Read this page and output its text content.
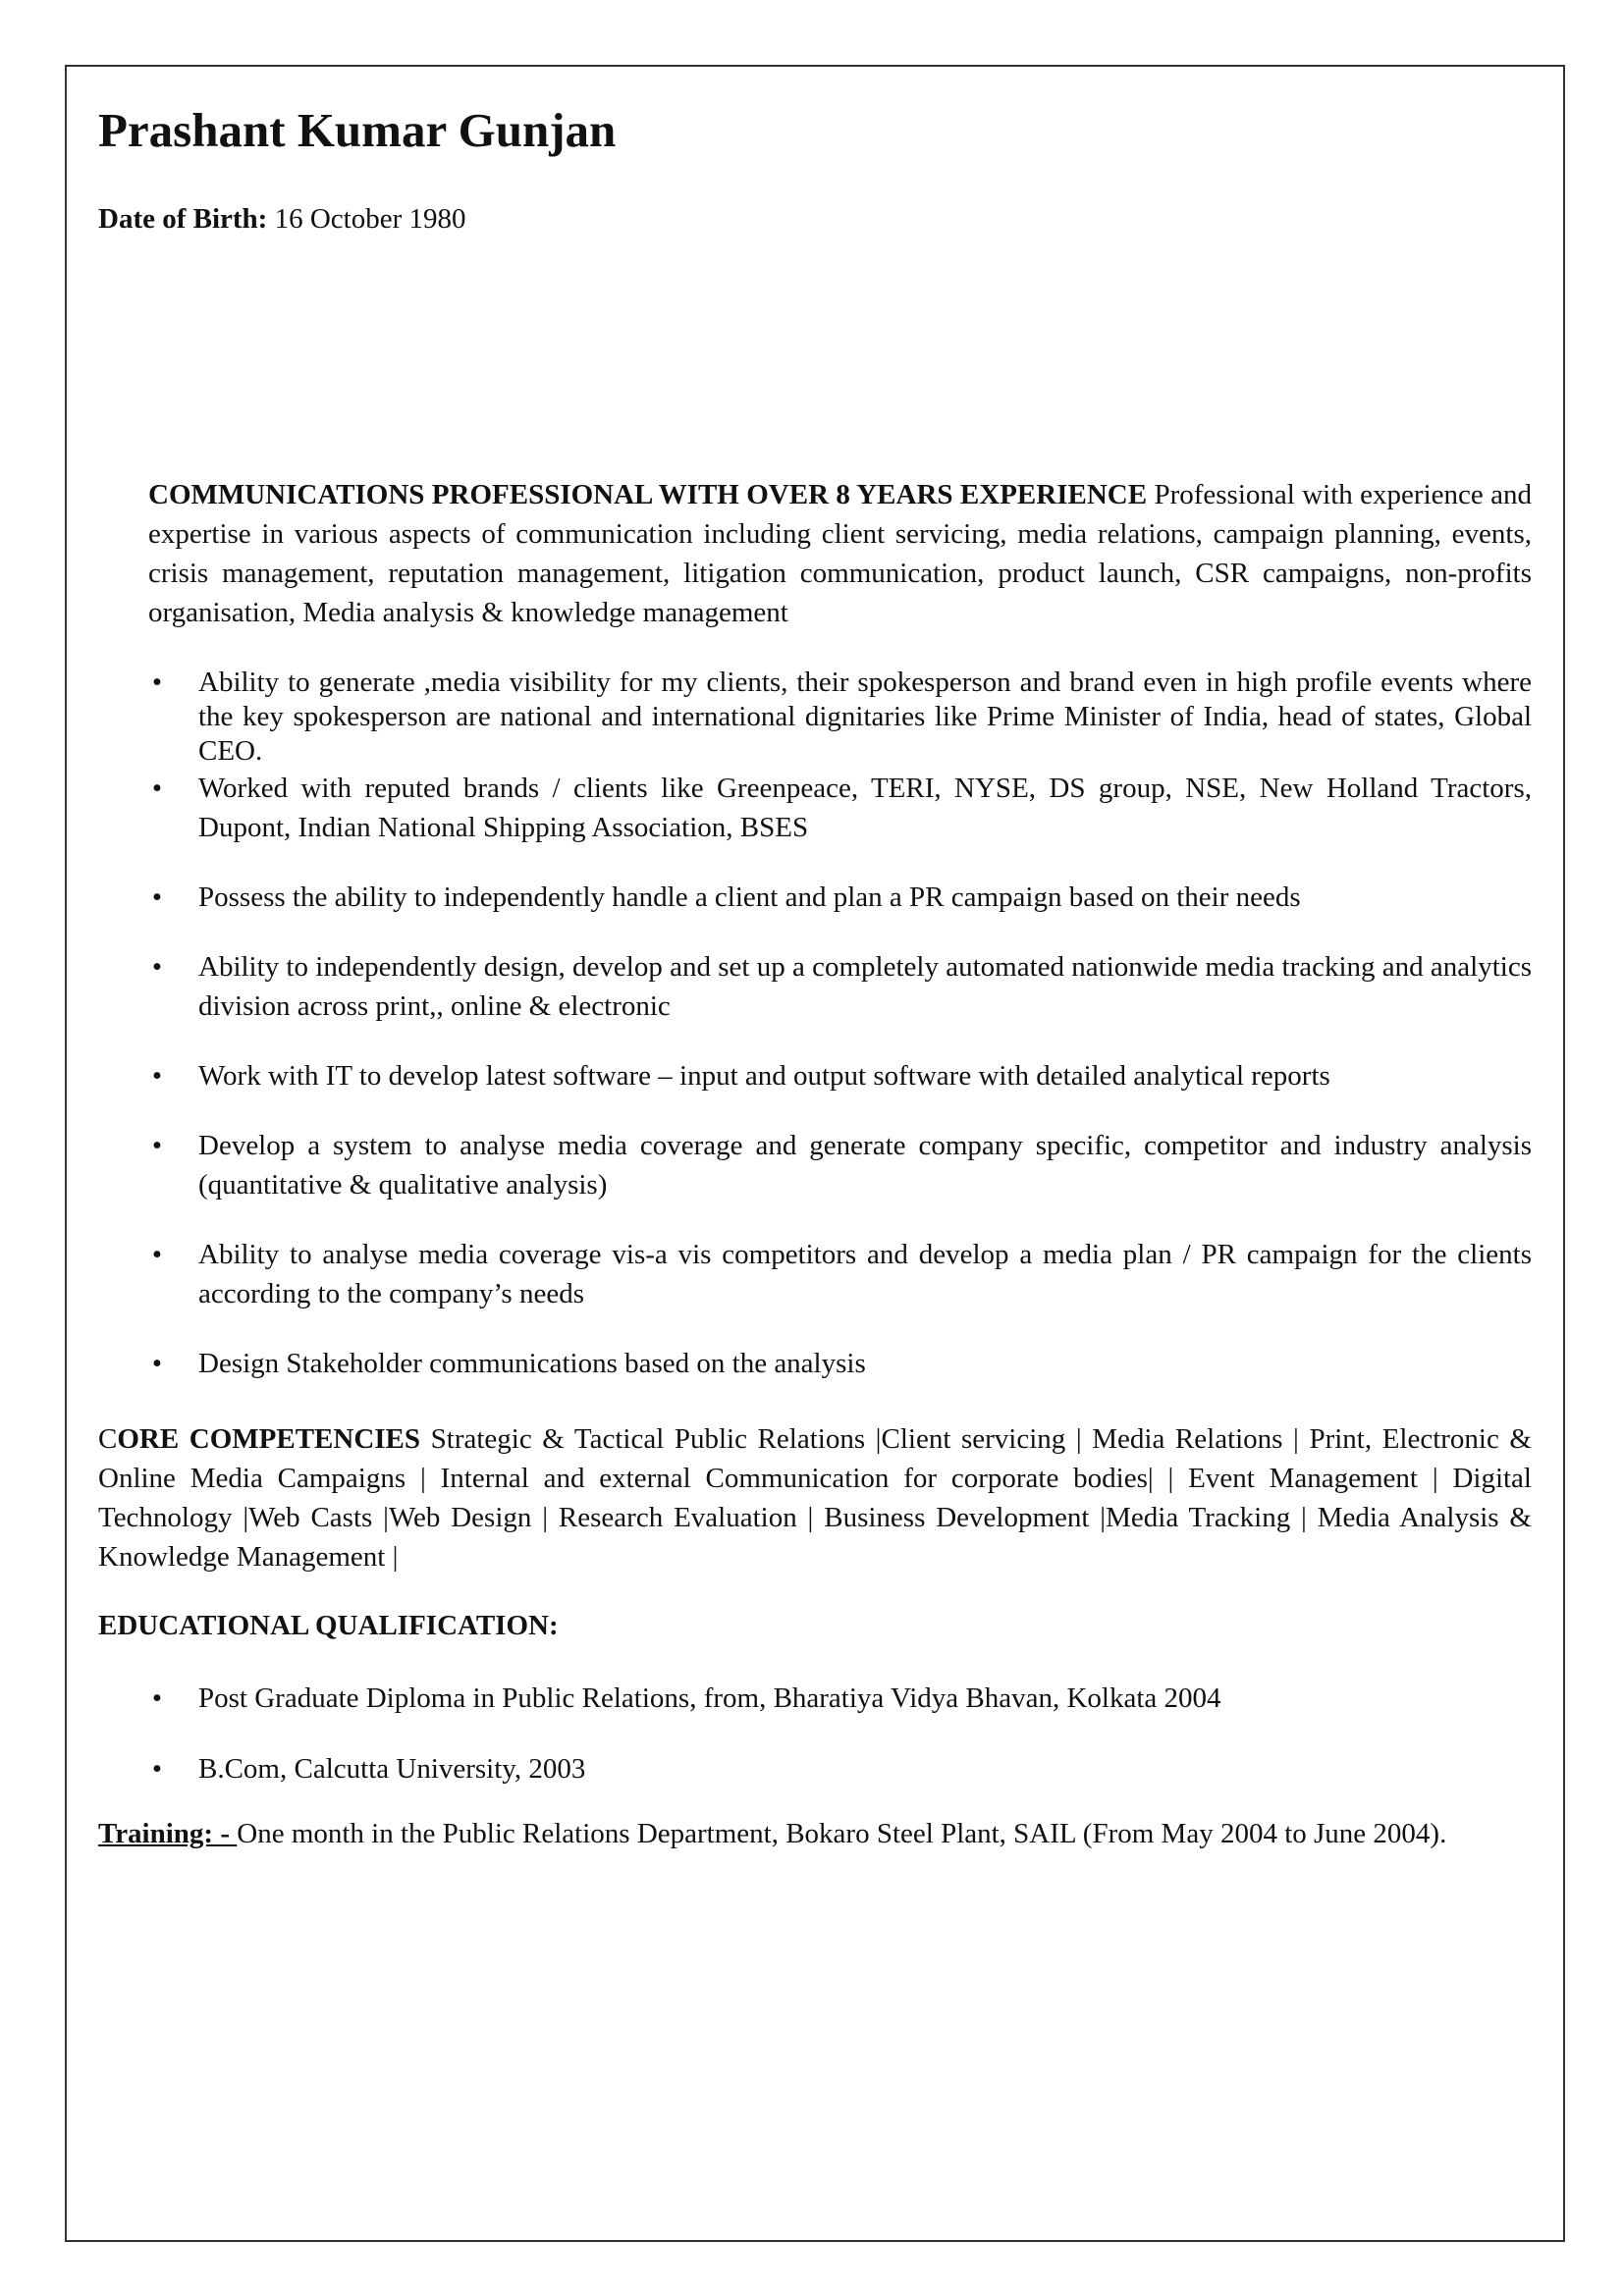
Prashant Kumar Gunjan
Date of Birth: 16 October 1980
COMMUNICATIONS PROFESSIONAL WITH OVER 8 YEARS EXPERIENCE Professional with experience and expertise in various aspects of communication including client servicing, media relations, campaign planning, events, crisis management, reputation management, litigation communication, product launch, CSR campaigns, non-profits organisation, Media analysis & knowledge management
• Ability to generate ,media visibility for my clients, their spokesperson and brand even in high profile events where the key spokesperson are national and international dignitaries like Prime Minister of India, head of states, Global CEO.
• Worked with reputed brands / clients like Greenpeace, TERI, NYSE, DS group, NSE, New Holland Tractors, Dupont, Indian National Shipping Association, BSES
• Possess the ability to independently handle a client and plan a PR campaign based on their needs
• Ability to independently design, develop and set up a completely automated nationwide media tracking and analytics division across print,, online & electronic
• Work with IT to develop latest software – input and output software with detailed analytical reports
• Develop a system to analyse media coverage and generate company specific, competitor and industry analysis (quantitative & qualitative analysis)
• Ability to analyse media coverage vis-a vis competitors and develop a media plan / PR campaign for the clients according to the company’s needs
• Design Stakeholder communications based on the analysis
CORE COMPETENCIES Strategic & Tactical Public Relations |Client servicing | Media Relations | Print, Electronic & Online Media Campaigns | Internal and external Communication for corporate bodies| | Event Management | Digital Technology |Web Casts |Web Design | Research Evaluation | Business Development |Media Tracking | Media Analysis & Knowledge Management |
EDUCATIONAL QUALIFICATION:
• Post Graduate Diploma in Public Relations, from, Bharatiya Vidya Bhavan, Kolkata 2004
• B.Com, Calcutta University, 2003
Training: - One month in the Public Relations Department, Bokaro Steel Plant, SAIL (From May 2004 to June 2004).
